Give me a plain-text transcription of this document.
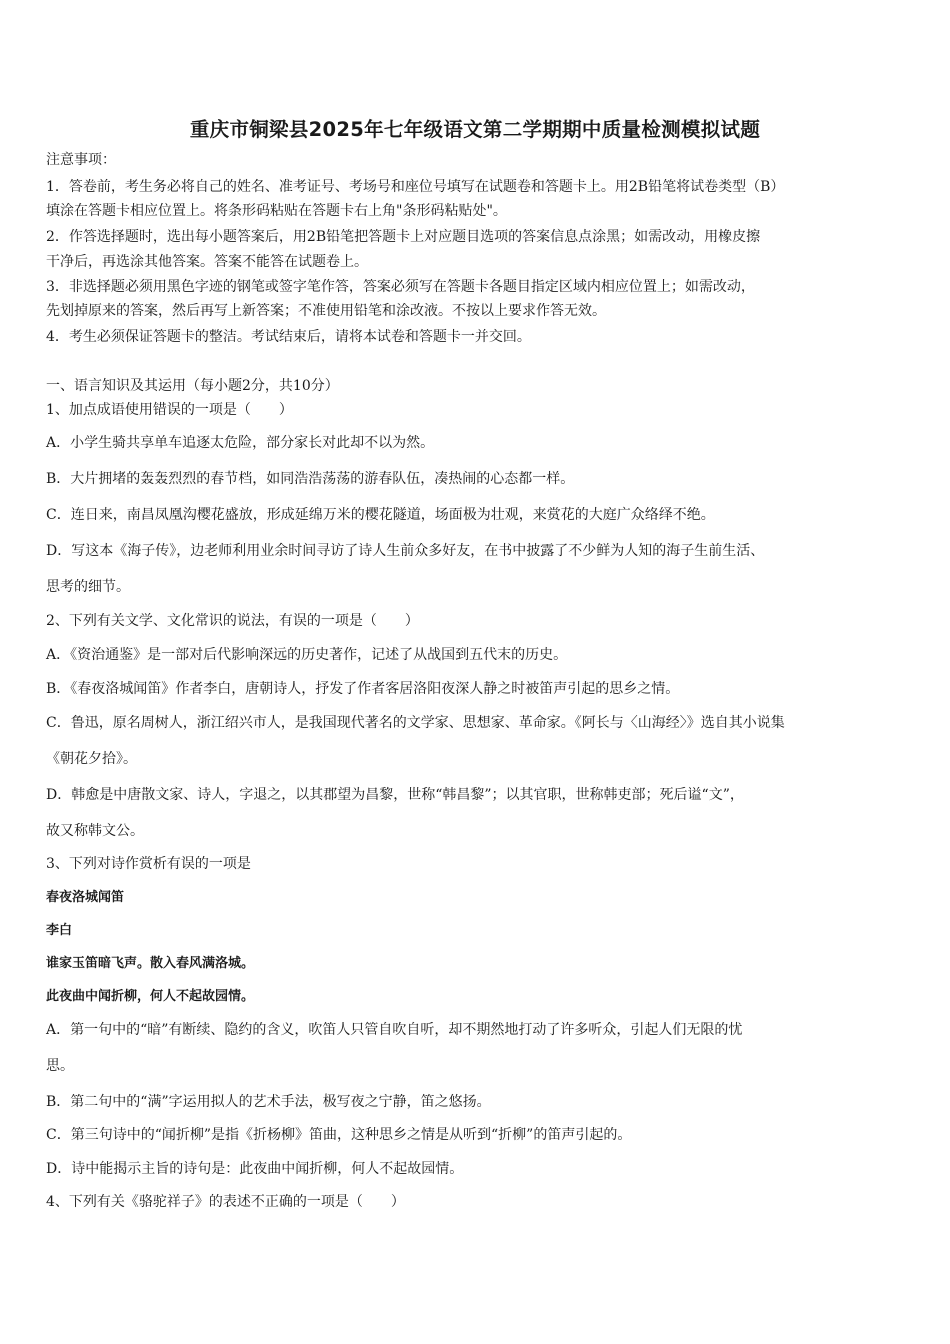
重庆市铜梁县2025年七年级语文第二学期期中质量检测模拟试题
注意事项：
1．答卷前，考生务必将自己的姓名、准考证号、考场号和座位号填写在试题卷和答题卡上。用2B铅笔将试卷类型（B）
填涂在答题卡相应位置上。将条形码粘贴在答题卡右上角"条形码粘贴处"。
2．作答选择题时，选出每小题答案后，用2B铅笔把答题卡上对应题目选项的答案信息点涂黑；如需改动，用橡皮擦
干净后，再选涂其他答案。答案不能答在试题卷上。
3．非选择题必须用黑色字迹的钢笔或签字笔作答，答案必须写在答题卡各题目指定区域内相应位置上；如需改动，
先划掉原来的答案，然后再写上新答案；不准使用铅笔和涂改液。不按以上要求作答无效。
4．考生必须保证答题卡的整洁。考试结束后，请将本试卷和答题卡一并交回。
一、语言知识及其运用（每小题2分，共10分）
1、加点成语使用错误的一项是（　　）
A．小学生骑共享单车追逐太危险，部分家长对此却不以为然。
B．大片拥堵的轰轰烈烈的春节档，如同浩浩荡荡的游春队伍，凑热闹的心态都一样。
C．连日来，南昌凤凰沟樱花盛放，形成延绵万米的樱花隧道，场面极为壮观，来赏花的大庭广众络绎不绝。
D．写这本《海子传》，边老师利用业余时间寻访了诗人生前众多好友，在书中披露了不少鲜为人知的海子生前生活、
思考的细节。
2、下列有关文学、文化常识的说法，有误的一项是（　　）
A．《资治通鉴》是一部对后代影响深远的历史著作，记述了从战国到五代末的历史。
B．《春夜洛城闻笛》作者李白，唐朝诗人，抒发了作者客居洛阳夜深人静之时被笛声引起的思乡之情。
C．鲁迅，原名周树人，浙江绍兴市人，是我国现代著名的文学家、思想家、革命家。《阿长与〈山海经〉》选自其小说集
《朝花夕拾》。
D．韩愈是中唐散文家、诗人，字退之，以其郡望为昌黎，世称“韩昌黎”；以其官职，世称韩吏部；死后谥“文”，
故又称韩文公。
3、下列对诗作赏析有误的一项是
春夜洛城闻笛
李白
谁家玉笛暗飞声。散入春风满洛城。
此夜曲中闻折柳，何人不起故园情。
A．第一句中的“暗”有断续、隐约的含义，吹笛人只管自吹自听，却不期然地打动了许多听众，引起人们无限的忧
思。
B．第二句中的“满”字运用拟人的艺术手法，极写夜之宁静，笛之悠扬。
C．第三句诗中的“闻折柳”是指《折杨柳》笛曲，这种思乡之情是从听到“折柳”的笛声引起的。
D．诗中能揭示主旨的诗句是：此夜曲中闻折柳，何人不起故园情。
4、下列有关《骆驼祥子》的表述不正确的一项是（　　）
